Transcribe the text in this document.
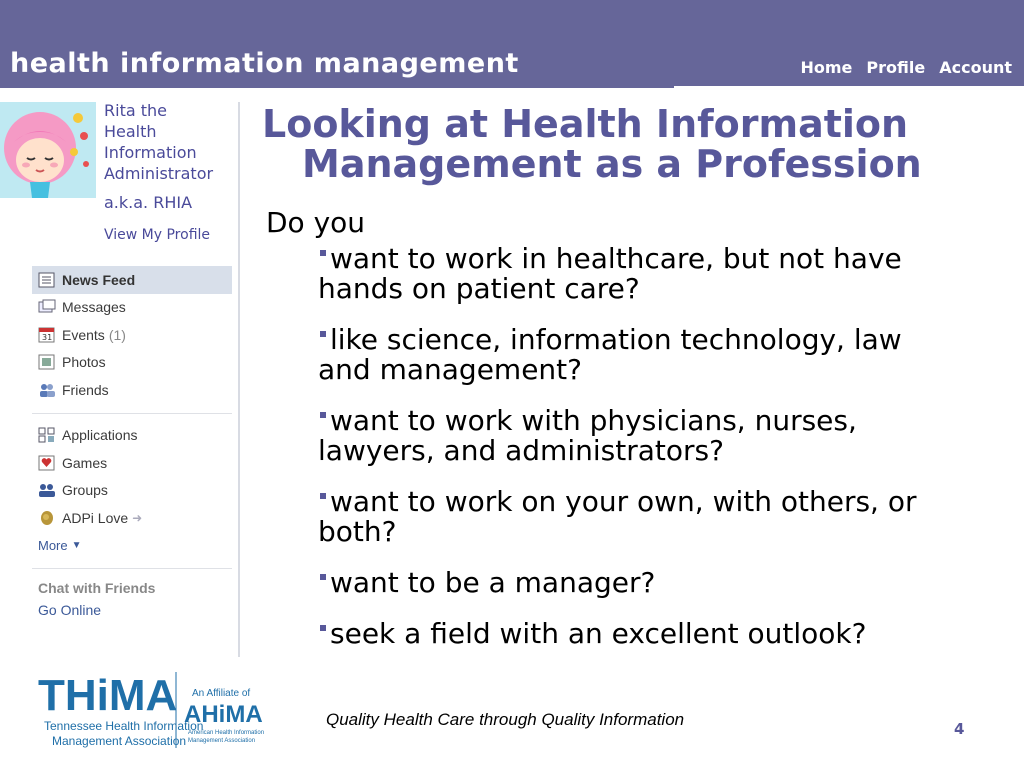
health information management	Home Profile Account
Rita the
Health
Information
Administrator
a.k.a. RHIA
View My Profile
News Feed
Messages
31 Events (1)
Photos
Friends
Applications
Games
Groups
ADPi Love ➜
More ▼
Chat with Friends
Go Online
Looking at Health Information
Management as a Profession
Do you
want to work in healthcare, but not have hands on patient care?
like science, information technology, law and management?
want to work with physicians, nurses, lawyers, and administrators?
want to work on your own, with others, or both?
want to be a manager?
seek a field with an excellent outlook?
THiMA
Tennessee Health Information
Management Association
An Affiliate of
AHiMA
American Health Information
Management Association
Quality Health Care through Quality Information	4
